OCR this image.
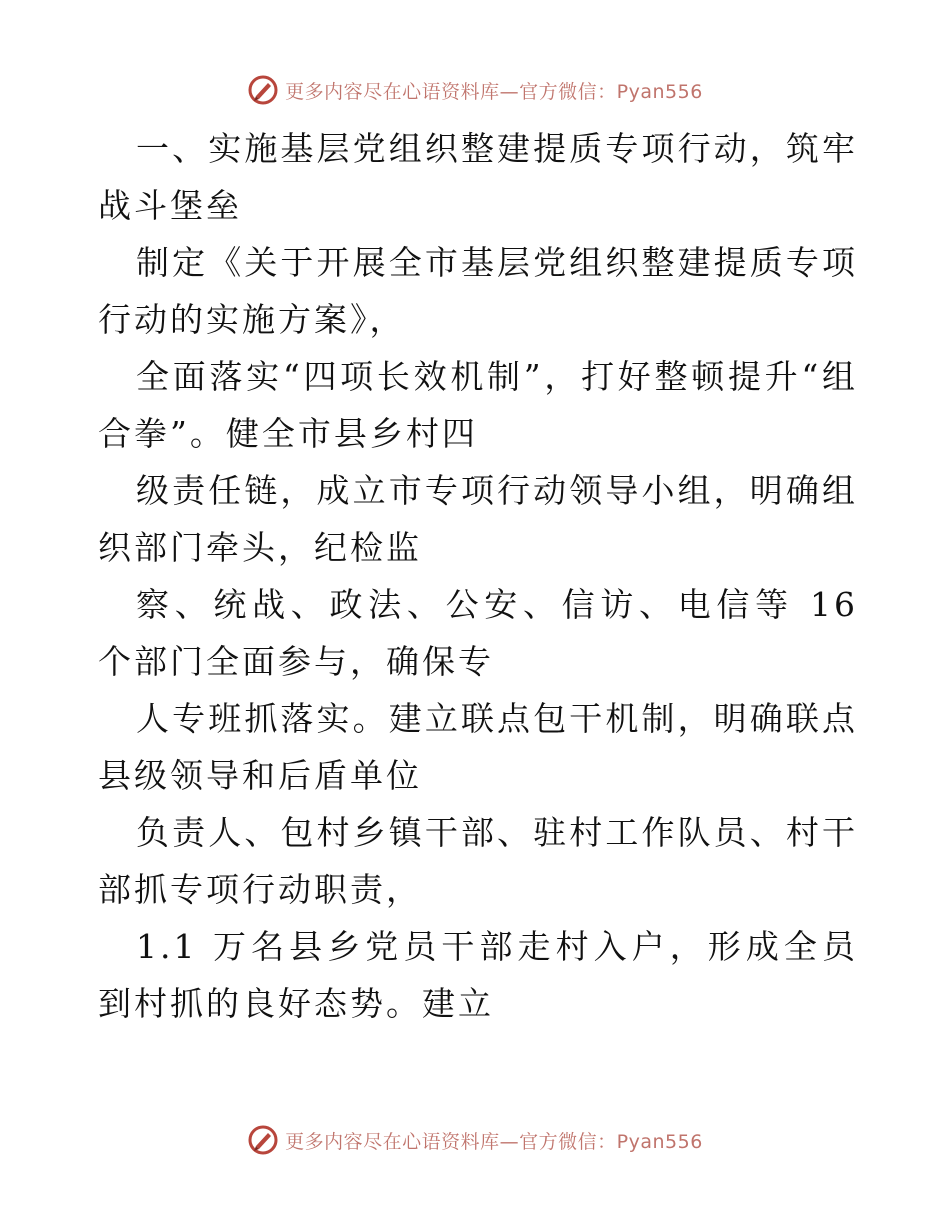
更多内容尽在心语资料库—官方微信：Pyan556

一、实施基层党组织整建提质专项行动，筑牢战斗堡垒

制定《关于开展全市基层党组织整建提质专项行动的实施方案》，

全面落实“四项长效机制”，打好整顿提升“组合拳”。健全市县乡村四

级责任链，成立市专项行动领导小组，明确组织部门牵头，纪检监

察、统战、政法、公安、信访、电信等 16 个部门全面参与，确保专

人专班抓落实。建立联点包干机制，明确联点县级领导和后盾单位

负责人、包村乡镇干部、驻村工作队员、村干部抓专项行动职责，

1.1 万名县乡党员干部走村入户，形成全员到村抓的良好态势。建立

更多内容尽在心语资料库—官方微信：Pyan556
